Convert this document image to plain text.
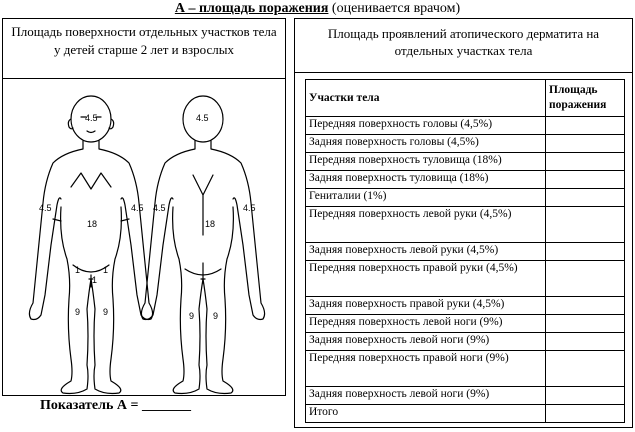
А – площадь поражения (оценивается врачом)
Площадь поверхности отдельных участков тела у детей старше 2 лет и взрослых
4.5
4.5	4.5
18
1	1
1
9	9
4.5
4.5	4.5
18
9 9
Показатель А = _______
Площадь проявлений атопического дерматита на отдельных участках тела
Участки тела	Площадь поражения
Передняя поверхность головы (4,5%)	
Задняя поверхность головы (4,5%)	
Передняя поверхность туловища (18%)	
Задняя поверхность туловища (18%)	
Гениталии (1%)	
Передняя поверхность левой руки (4,5%)	
Задняя поверхность левой руки (4,5%)	
Передняя поверхность правой руки (4,5%)	
Задняя поверхность правой руки (4,5%)	
Передняя поверхность левой ноги (9%)	
Задняя поверхность левой ноги (9%)	
Передняя поверхность правой ноги (9%)	
Задняя поверхность левой ноги (9%)	
Итого	
